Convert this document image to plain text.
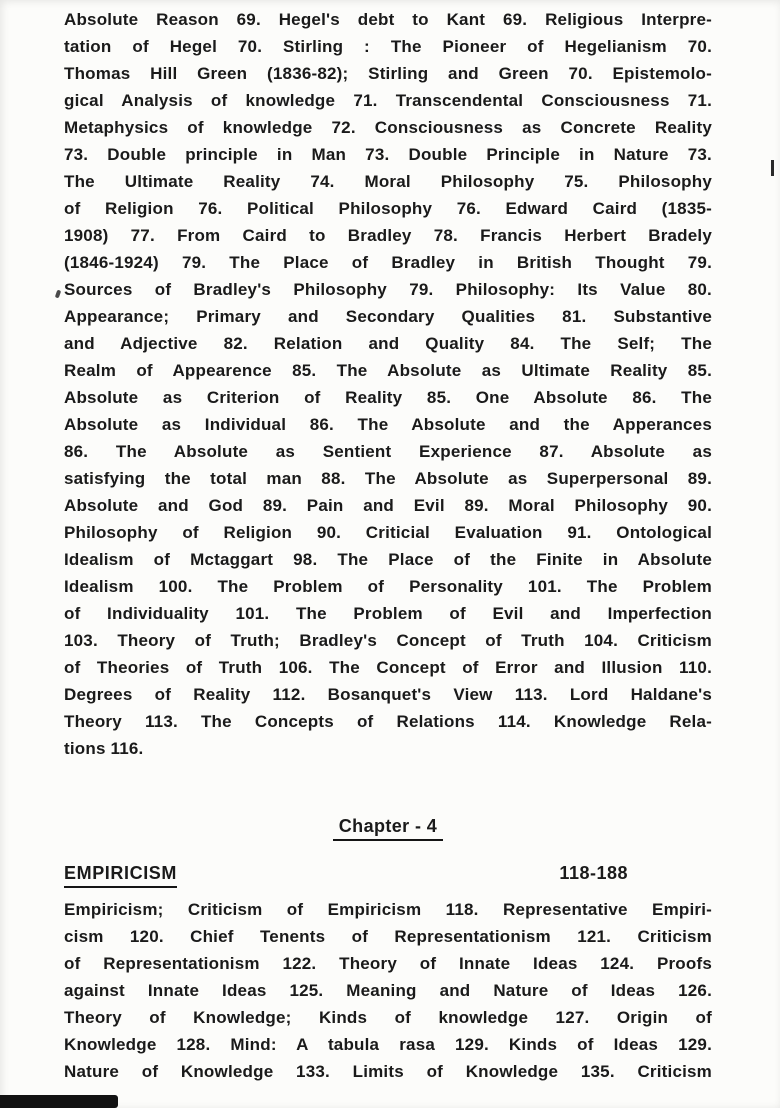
Absolute Reason 69. Hegel's debt to Kant 69. Religious Interpre-
tation of Hegel 70. Stirling : The Pioneer of Hegelianism 70.
Thomas Hill Green (1836-82); Stirling and Green 70. Epistemolo-
gical Analysis of knowledge 71. Transcendental Consciousness 71.
Metaphysics of knowledge 72. Consciousness as Concrete Reality
73. Double principle in Man 73. Double Principle in Nature 73.
The Ultimate Reality 74. Moral Philosophy 75. Philosophy
of Religion 76. Political Philosophy 76. Edward Caird (1835-
1908) 77. From Caird to Bradley 78. Francis Herbert Bradely
(1846-1924) 79. The Place of Bradley in British Thought 79.
Sources of Bradley's Philosophy 79. Philosophy: Its Value 80.
Appearance; Primary and Secondary Qualities 81. Substantive
and Adjective 82. Relation and Quality 84. The Self; The
Realm of Appearence 85. The Absolute as Ultimate Reality 85.
Absolute as Criterion of Reality 85. One Absolute 86. The
Absolute as Individual 86. The Absolute and the Apperances
86. The Absolute as Sentient Experience 87. Absolute as
satisfying the total man 88. The Absolute as Superpersonal 89.
Absolute and God 89. Pain and Evil 89. Moral Philosophy 90.
Philosophy of Religion 90. Criticial Evaluation 91. Ontological
Idealism of Mctaggart 98. The Place of the Finite in Absolute
Idealism 100. The Problem of Personality 101. The Problem
of Individuality 101. The Problem of Evil and Imperfection
103. Theory of Truth; Bradley's Concept of Truth 104. Criticism
of Theories of Truth 106. The Concept of Error and Illusion 110.
Degrees of Reality 112. Bosanquet's View 113. Lord Haldane's
Theory 113. The Concepts of Relations 114. Knowledge Rela-
tions 116.
Chapter - 4
EMPIRICISM	118-188
Empiricism; Criticism of Empiricism 118. Representative Empiri-
cism 120. Chief Tenents of Representationism 121. Criticism
of Representationism 122. Theory of Innate Ideas 124. Proofs
against Innate Ideas 125. Meaning and Nature of Ideas 126.
Theory of Knowledge; Kinds of knowledge 127. Origin of
Knowledge 128. Mind: A tabula rasa 129. Kinds of Ideas 129.
Nature of Knowledge 133. Limits of Knowledge 135. Criticism
